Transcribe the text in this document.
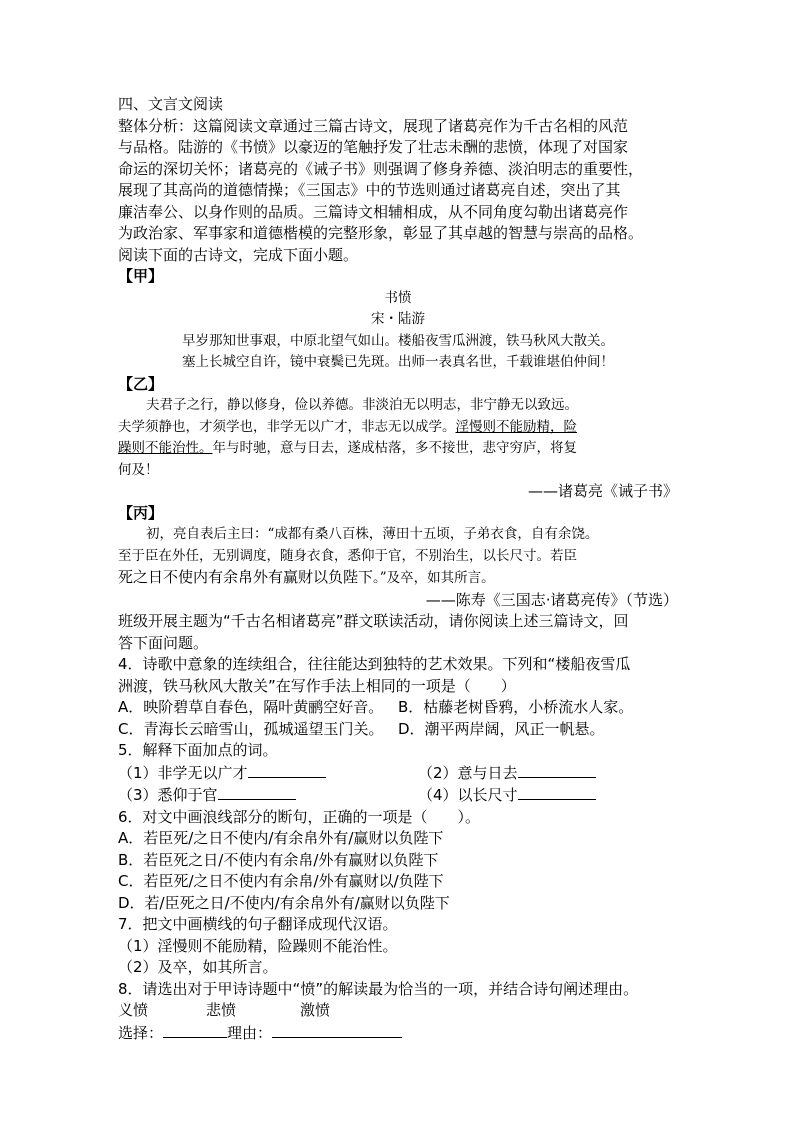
四、文言文阅读
整体分析：这篇阅读文章通过三篇古诗文，展现了诸葛亮作为千古名相的风范
与品格。陆游的《书愤》以豪迈的笔触抒发了壮志未酬的悲愤，体现了对国家
命运的深切关怀；诸葛亮的《诫子书》则强调了修身养德、淡泊明志的重要性，
展现了其高尚的道德情操；《三国志》中的节选则通过诸葛亮自述，突出了其
廉洁奉公、以身作则的品质。三篇诗文相辅相成，从不同角度勾勒出诸葛亮作
为政治家、军事家和道德楷模的完整形象，彰显了其卓越的智慧与崇高的品格。
阅读下面的古诗文，完成下面小题。
【甲】
书愤
宋・陆游
早岁那知世事艰，中原北望气如山。楼船夜雪瓜洲渡，铁马秋风大散关。
塞上长城空自许，镜中衰鬓已先斑。出师一表真名世，千载谁堪伯仲间！
【乙】
夫君子之行，静以修身，俭以养德。非淡泊无以明志，非宁静无以致远。
夫学须静也，才须学也，非学无以广才，非志无以成学。淫慢则不能励精，险
躁则不能治性。年与时驰，意与日去，遂成枯落，多不接世，悲守穷庐，将复
何及！
——诸葛亮《诫子书》
【丙】
初，亮自表后主曰：“成都有桑八百株，薄田十五顷，子弟衣食，自有余饶。
至于臣在外任，无别调度，随身衣食，悉仰于官，不别治生，以长尺寸。若臣
死之日不使内有余帛外有赢财以负陛下。”及卒，如其所言。
——陈寿《三国志·诸葛亮传》（节选）
班级开展主题为“千古名相诸葛亮”群文联读活动，请你阅读上述三篇诗文，回
答下面问题。
4．诗歌中意象的连续组合，往往能达到独特的艺术效果。下列和“楼船夜雪瓜
洲渡，铁马秋风大散关”在写作手法上相同的一项是（　　）
A．映阶碧草自春色，隔叶黄鹂空好音。 B．枯藤老树昏鸦，小桥流水人家。
C．青海长云暗雪山，孤城遥望玉门关。 D．潮平两岸阔，风正一帆悬。
5．解释下面加点的词。
（1）非学无以广才	（2）意与日去
（3）悉仰于官	（4）以长尺寸
6．对文中画浪线部分的断句，正确的一项是（　　）。
A．若臣死/之日不使内/有余帛外有/赢财以负陛下
B．若臣死之日/不使内有余帛/外有赢财以负陛下
C．若臣死/之日不使内有余帛/外有赢财以/负陛下
D．若/臣死之日/不使内/有余帛外有/赢财以负陛下
7．把文中画横线的句子翻译成现代汉语。
（1）淫慢则不能励精，险躁则不能治性。
（2）及卒，如其所言。
8．请选出对于甲诗诗题中“愤”的解读最为恰当的一项，并结合诗句阐述理由。
义愤	悲愤	激愤
选择：	理由：
